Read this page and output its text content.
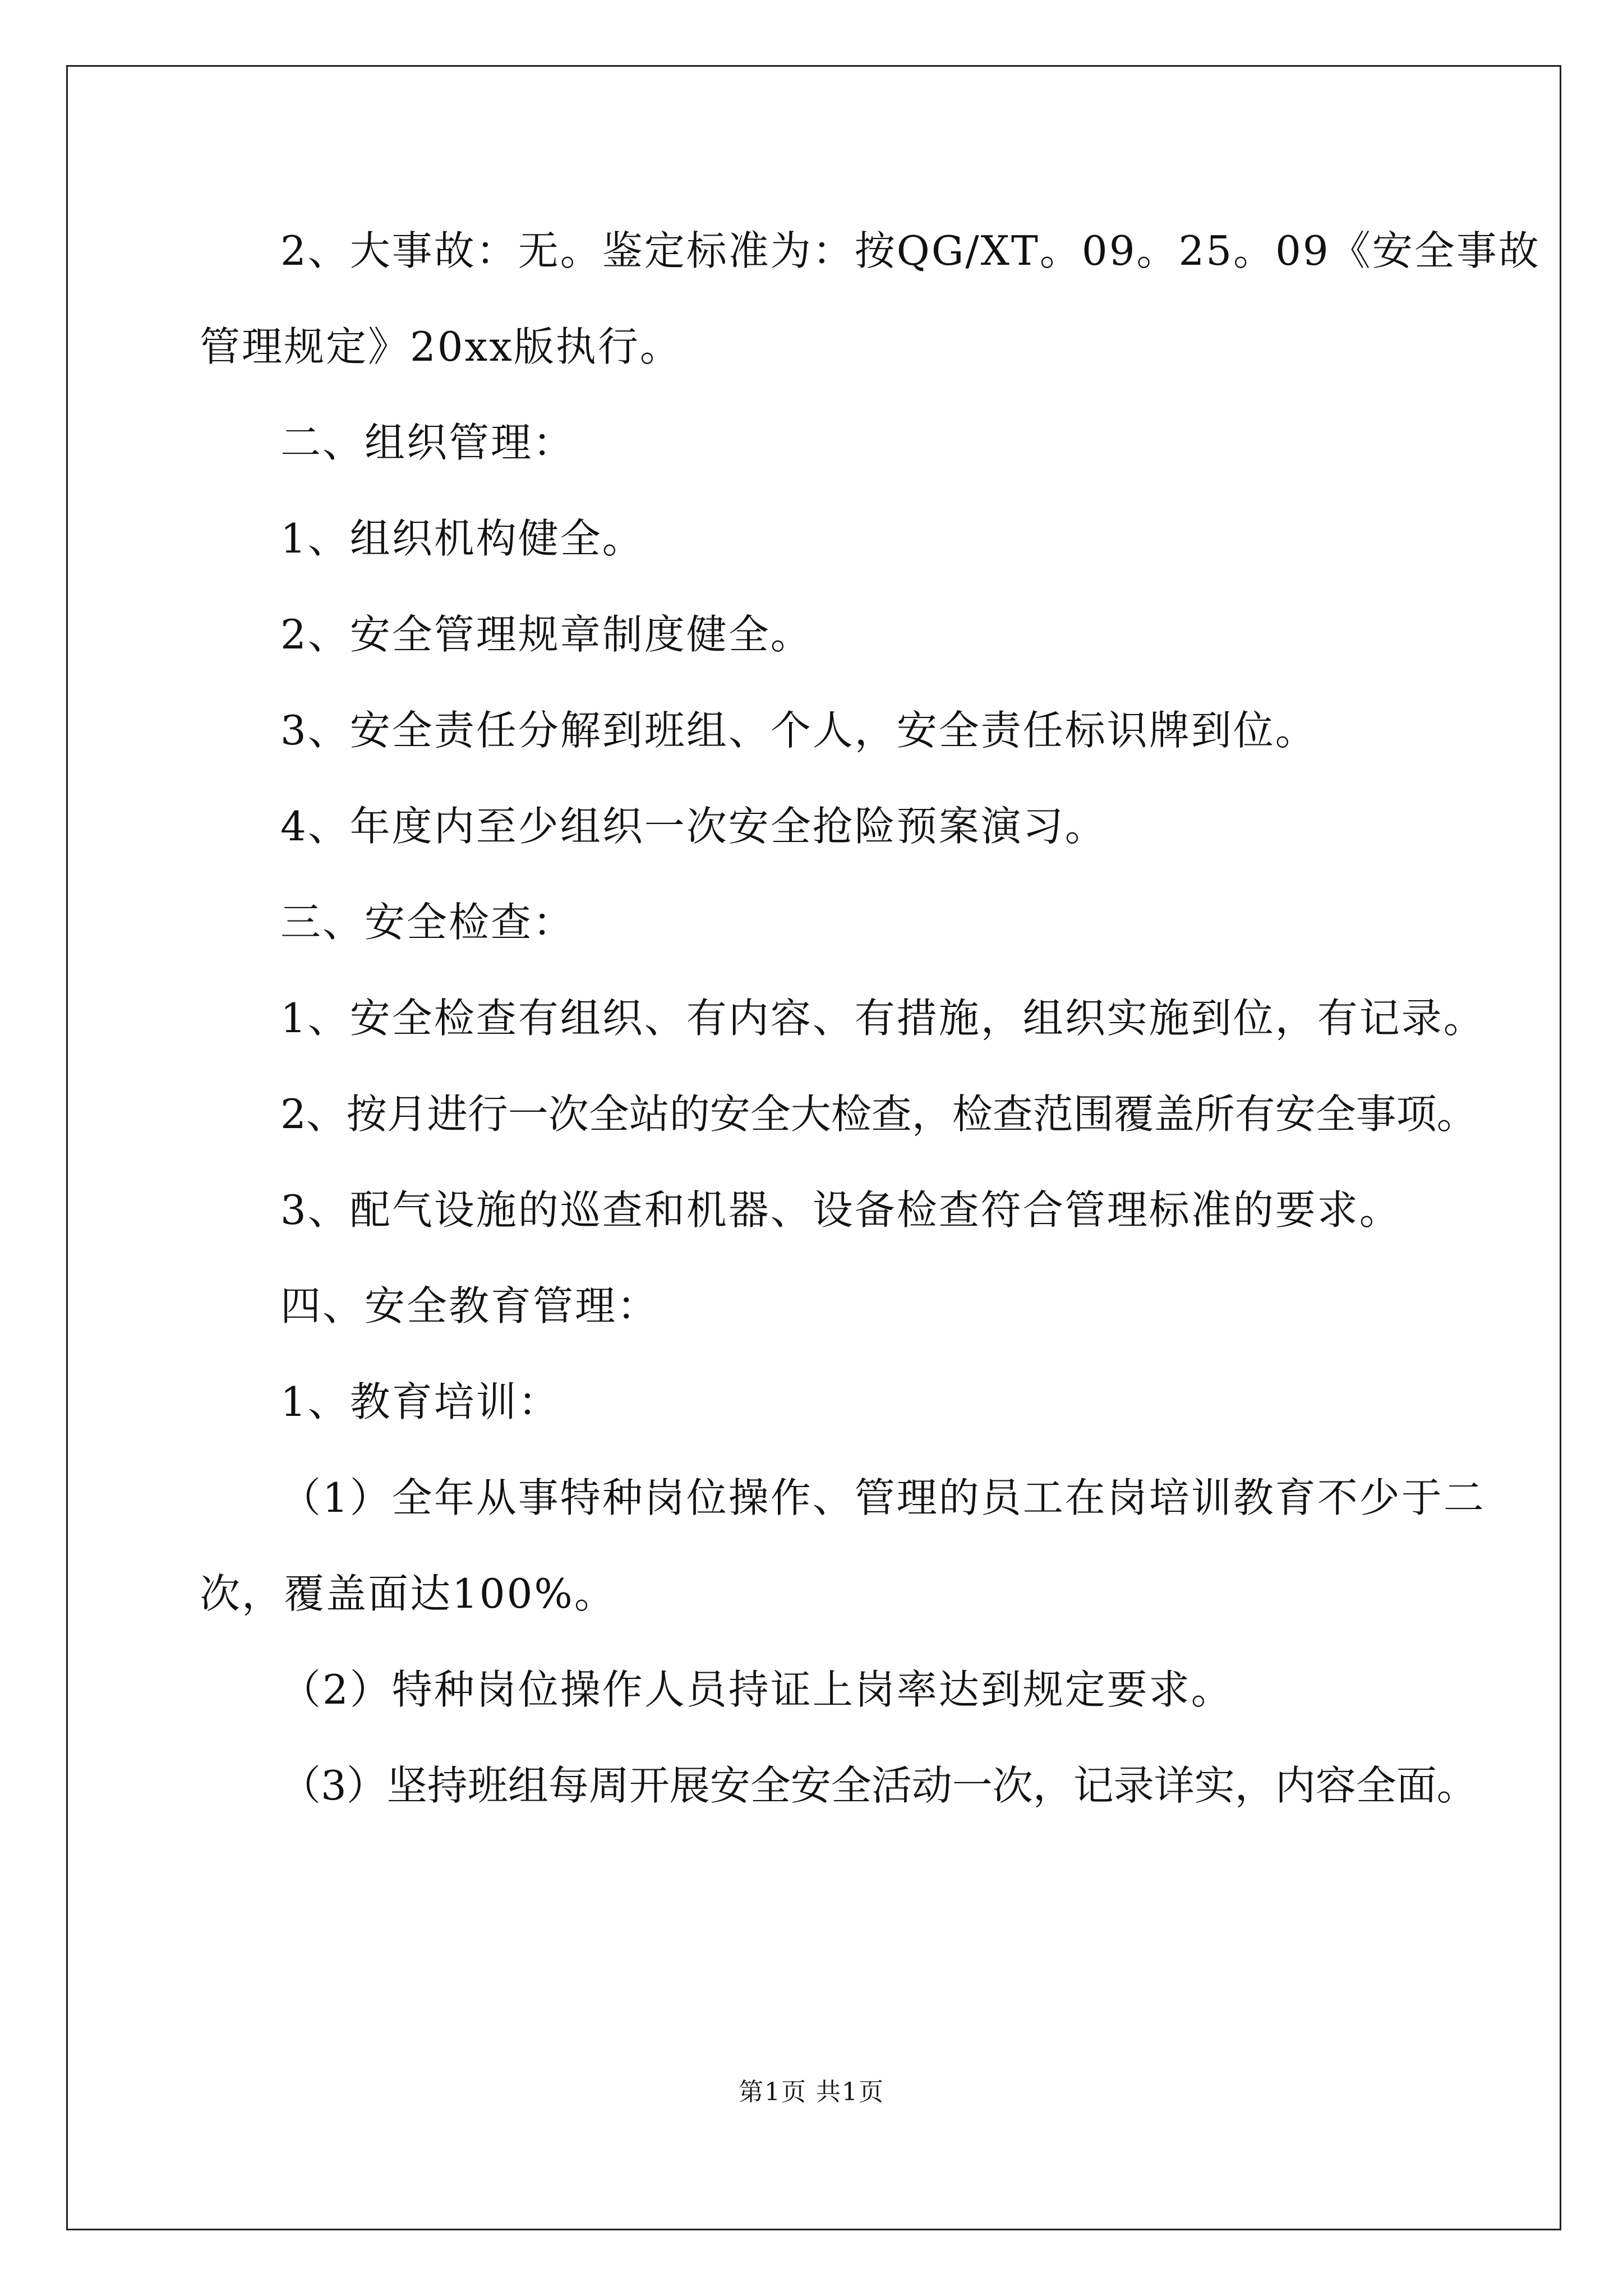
2、大事故：无。鉴定标准为：按QG/XT。09。25。09《安全事故

管理规定》20xx版执行。

二、组织管理：

1、组织机构健全。

2、安全管理规章制度健全。

3、安全责任分解到班组、个人，安全责任标识牌到位。

4、年度内至少组织一次安全抢险预案演习。

三、安全检查：

1、安全检查有组织、有内容、有措施，组织实施到位，有记录。

2、按月进行一次全站的安全大检查，检查范围覆盖所有安全事项。

3、配气设施的巡查和机器、设备检查符合管理标准的要求。

四、安全教育管理：

1、教育培训：

（1）全年从事特种岗位操作、管理的员工在岗培训教育不少于二

次，覆盖面达100%。

（2）特种岗位操作人员持证上岗率达到规定要求。

（3）坚持班组每周开展安全安全活动一次，记录详实，内容全面。

第1页 共1页
